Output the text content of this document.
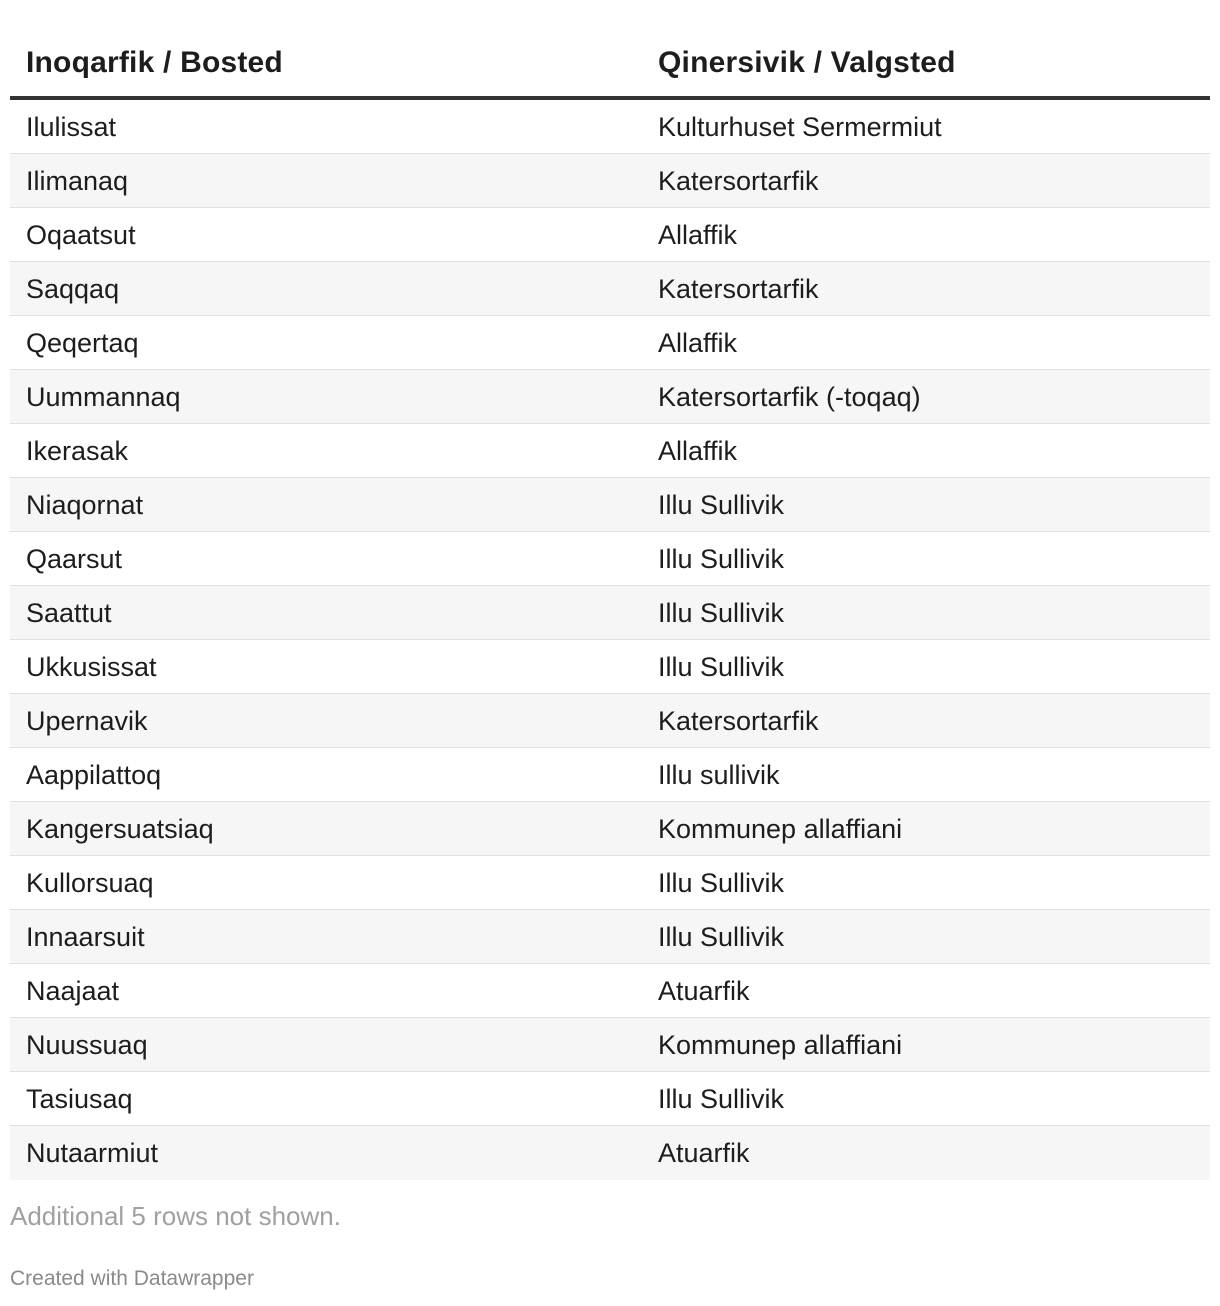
Inoqarfik / Bosted	Qinersivik / Valgsted
Ilulissat	Kulturhuset Sermermiut
Ilimanaq	Katersortarfik
Oqaatsut	Allaffik
Saqqaq	Katersortarfik
Qeqertaq	Allaffik
Uummannaq	Katersortarfik (-toqaq)
Ikerasak	Allaffik
Niaqornat	Illu Sullivik
Qaarsut	Illu Sullivik
Saattut	Illu Sullivik
Ukkusissat	Illu Sullivik
Upernavik	Katersortarfik
Aappilattoq	Illu sullivik
Kangersuatsiaq	Kommunep allaffiani
Kullorsuaq	Illu Sullivik
Innaarsuit	Illu Sullivik
Naajaat	Atuarfik
Nuussuaq	Kommunep allaffiani
Tasiusaq	Illu Sullivik
Nutaarmiut	Atuarfik
Additional 5 rows not shown.
Created with Datawrapper
